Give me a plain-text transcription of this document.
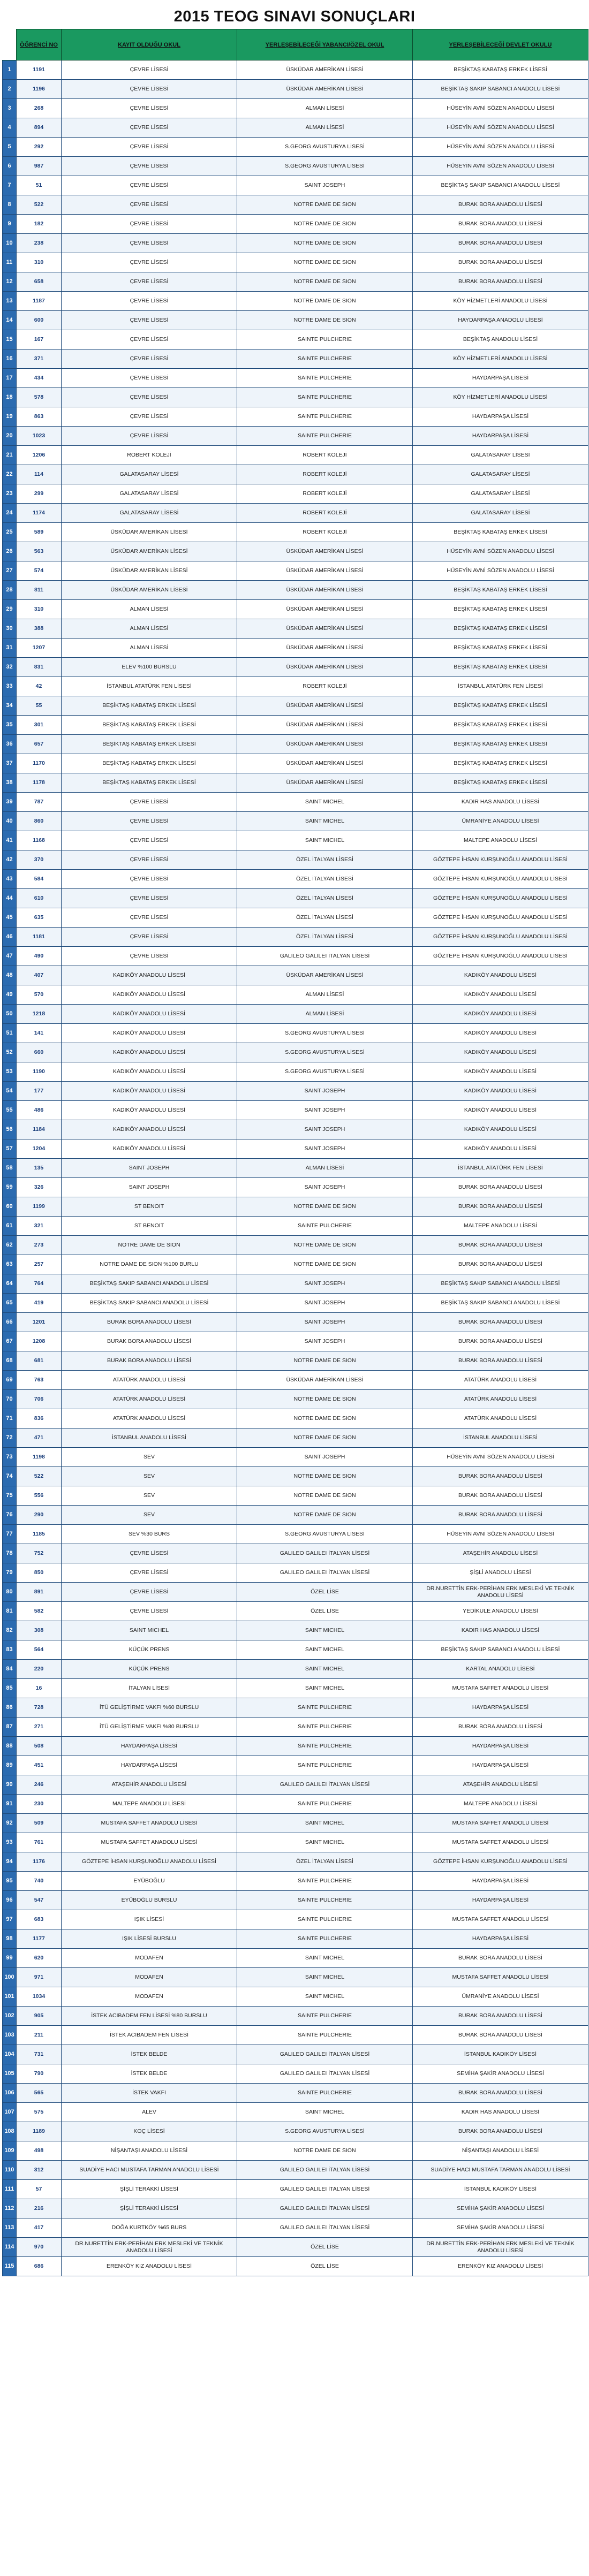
2015 TEOG SINAVI SONUÇLARI
	ÖĞRENCİ NO	KAYIT OLDUĞU OKUL	YERLEŞEBİLECEĞİ YABANCI/ÖZEL OKUL	YERLEŞEBİLECEĞİ DEVLET OKULU
1	1191	ÇEVRE LİSESİ	ÜSKÜDAR AMERİKAN LİSESİ	BEŞİKTAŞ KABATAŞ ERKEK LİSESİ
2	1196	ÇEVRE LİSESİ	ÜSKÜDAR AMERİKAN LİSESİ	BEŞİKTAŞ SAKIP SABANCI ANADOLU LİSESİ
3	268	ÇEVRE LİSESİ	ALMAN LİSESİ	HÜSEYİN AVNİ SÖZEN ANADOLU LİSESİ
4	894	ÇEVRE LİSESİ	ALMAN LİSESİ	HÜSEYİN AVNİ SÖZEN ANADOLU LİSESİ
5	292	ÇEVRE LİSESİ	S.GEORG AVUSTURYA LİSESİ	HÜSEYİN AVNİ SÖZEN ANADOLU LİSESİ
6	987	ÇEVRE LİSESİ	S.GEORG AVUSTURYA LİSESİ	HÜSEYİN AVNİ SÖZEN ANADOLU LİSESİ
7	51	ÇEVRE LİSESİ	SAINT JOSEPH	BEŞİKTAŞ SAKIP SABANCI ANADOLU LİSESİ
8	522	ÇEVRE LİSESİ	NOTRE DAME DE SION	BURAK BORA ANADOLU LİSESİ
9	182	ÇEVRE LİSESİ	NOTRE DAME DE SION	BURAK BORA ANADOLU LİSESİ
10	238	ÇEVRE LİSESİ	NOTRE DAME DE SION	BURAK BORA ANADOLU LİSESİ
11	310	ÇEVRE LİSESİ	NOTRE DAME DE SION	BURAK BORA ANADOLU LİSESİ
12	658	ÇEVRE LİSESİ	NOTRE DAME DE SION	BURAK BORA ANADOLU LİSESİ
13	1187	ÇEVRE LİSESİ	NOTRE DAME DE SION	KÖY HİZMETLERİ ANADOLU LİSESİ
14	600	ÇEVRE LİSESİ	NOTRE DAME DE SION	HAYDARPAŞA ANADOLU LİSESİ
15	167	ÇEVRE LİSESİ	SAINTE PULCHERIE	BEŞİKTAŞ ANADOLU LİSESİ
16	371	ÇEVRE LİSESİ	SAINTE PULCHERIE	KÖY HİZMETLERİ ANADOLU LİSESİ
17	434	ÇEVRE LİSESİ	SAINTE PULCHERIE	HAYDARPAŞA LİSESİ
18	578	ÇEVRE LİSESİ	SAINTE PULCHERIE	KÖY HİZMETLERİ ANADOLU LİSESİ
19	863	ÇEVRE LİSESİ	SAINTE PULCHERIE	HAYDARPAŞA LİSESİ
20	1023	ÇEVRE LİSESİ	SAINTE PULCHERIE	HAYDARPAŞA LİSESİ
21	1206	ROBERT KOLEJİ	ROBERT KOLEJİ	GALATASARAY LİSESİ
22	114	GALATASARAY LİSESİ	ROBERT KOLEJİ	GALATASARAY LİSESİ
23	299	GALATASARAY LİSESİ	ROBERT KOLEJİ	GALATASARAY LİSESİ
24	1174	GALATASARAY LİSESİ	ROBERT KOLEJİ	GALATASARAY LİSESİ
25	589	ÜSKÜDAR AMERİKAN LİSESİ	ROBERT KOLEJİ	BEŞİKTAŞ KABATAŞ ERKEK LİSESİ
26	563	ÜSKÜDAR AMERİKAN LİSESİ	ÜSKÜDAR AMERİKAN LİSESİ	HÜSEYİN AVNİ SÖZEN ANADOLU LİSESİ
27	574	ÜSKÜDAR AMERİKAN LİSESİ	ÜSKÜDAR AMERİKAN LİSESİ	HÜSEYİN AVNİ SÖZEN ANADOLU LİSESİ
28	811	ÜSKÜDAR AMERİKAN LİSESİ	ÜSKÜDAR AMERİKAN LİSESİ	BEŞİKTAŞ KABATAŞ ERKEK LİSESİ
29	310	ALMAN LİSESİ	ÜSKÜDAR AMERİKAN LİSESİ	BEŞİKTAŞ KABATAŞ ERKEK LİSESİ
30	388	ALMAN LİSESİ	ÜSKÜDAR AMERİKAN LİSESİ	BEŞİKTAŞ KABATAŞ ERKEK LİSESİ
31	1207	ALMAN LİSESİ	ÜSKÜDAR AMERİKAN LİSESİ	BEŞİKTAŞ KABATAŞ ERKEK LİSESİ
32	831	ELEV %100 BURSLU	ÜSKÜDAR AMERİKAN LİSESİ	BEŞİKTAŞ KABATAŞ ERKEK LİSESİ
33	42	İSTANBUL ATATÜRK FEN LİSESİ	ROBERT KOLEJİ	İSTANBUL ATATÜRK FEN LİSESİ
34	55	BEŞİKTAŞ KABATAŞ ERKEK LİSESİ	ÜSKÜDAR AMERİKAN LİSESİ	BEŞİKTAŞ KABATAŞ ERKEK LİSESİ
35	301	BEŞİKTAŞ KABATAŞ ERKEK LİSESİ	ÜSKÜDAR AMERİKAN LİSESİ	BEŞİKTAŞ KABATAŞ ERKEK LİSESİ
36	657	BEŞİKTAŞ KABATAŞ ERKEK LİSESİ	ÜSKÜDAR AMERİKAN LİSESİ	BEŞİKTAŞ KABATAŞ ERKEK LİSESİ
37	1170	BEŞİKTAŞ KABATAŞ ERKEK LİSESİ	ÜSKÜDAR AMERİKAN LİSESİ	BEŞİKTAŞ KABATAŞ ERKEK LİSESİ
38	1178	BEŞİKTAŞ KABATAŞ ERKEK LİSESİ	ÜSKÜDAR AMERİKAN LİSESİ	BEŞİKTAŞ KABATAŞ ERKEK LİSESİ
39	787	ÇEVRE LİSESİ	SAINT MICHEL	KADIR HAS ANADOLU LİSESİ
40	860	ÇEVRE LİSESİ	SAINT MICHEL	ÜMRANİYE ANADOLU LİSESİ
41	1168	ÇEVRE LİSESİ	SAINT MICHEL	MALTEPE ANADOLU LİSESİ
42	370	ÇEVRE LİSESİ	ÖZEL İTALYAN LİSESİ	GÖZTEPE İHSAN KURŞUNOĞLU ANADOLU LİSESİ
43	584	ÇEVRE LİSESİ	ÖZEL İTALYAN LİSESİ	GÖZTEPE İHSAN KURŞUNOĞLU ANADOLU LİSESİ
44	610	ÇEVRE LİSESİ	ÖZEL İTALYAN LİSESİ	GÖZTEPE İHSAN KURŞUNOĞLU ANADOLU LİSESİ
45	635	ÇEVRE LİSESİ	ÖZEL İTALYAN LİSESİ	GÖZTEPE İHSAN KURŞUNOĞLU ANADOLU LİSESİ
46	1181	ÇEVRE LİSESİ	ÖZEL İTALYAN LİSESİ	GÖZTEPE İHSAN KURŞUNOĞLU ANADOLU LİSESİ
47	490	ÇEVRE LİSESİ	GALILEO GALILEI İTALYAN LİSESİ	GÖZTEPE İHSAN KURŞUNOĞLU ANADOLU LİSESİ
48	407	KADIKÖY ANADOLU LİSESİ	ÜSKÜDAR AMERİKAN LİSESİ	KADIKÖY ANADOLU LİSESİ
49	570	KADIKÖY ANADOLU LİSESİ	ALMAN LİSESİ	KADIKÖY ANADOLU LİSESİ
50	1218	KADIKÖY ANADOLU LİSESİ	ALMAN LİSESİ	KADIKÖY ANADOLU LİSESİ
51	141	KADIKÖY ANADOLU LİSESİ	S.GEORG AVUSTURYA LİSESİ	KADIKÖY ANADOLU LİSESİ
52	660	KADIKÖY ANADOLU LİSESİ	S.GEORG AVUSTURYA LİSESİ	KADIKÖY ANADOLU LİSESİ
53	1190	KADIKÖY ANADOLU LİSESİ	S.GEORG AVUSTURYA LİSESİ	KADIKÖY ANADOLU LİSESİ
54	177	KADIKÖY ANADOLU LİSESİ	SAINT JOSEPH	KADIKÖY ANADOLU LİSESİ
55	486	KADIKÖY ANADOLU LİSESİ	SAINT JOSEPH	KADIKÖY ANADOLU LİSESİ
56	1184	KADIKÖY ANADOLU LİSESİ	SAINT JOSEPH	KADIKÖY ANADOLU LİSESİ
57	1204	KADIKÖY ANADOLU LİSESİ	SAINT JOSEPH	KADIKÖY ANADOLU LİSESİ
58	135	SAINT JOSEPH	ALMAN LİSESİ	İSTANBUL ATATÜRK FEN LİSESİ
59	326	SAINT JOSEPH	SAINT JOSEPH	BURAK BORA ANADOLU LİSESİ
60	1199	ST BENOIT	NOTRE DAME DE SION	BURAK BORA ANADOLU LİSESİ
61	321	ST BENOIT	SAINTE PULCHERIE	MALTEPE ANADOLU LİSESİ
62	273	NOTRE DAME DE SION	NOTRE DAME DE SION	BURAK BORA ANADOLU LİSESİ
63	257	NOTRE DAME DE SION %100 BURLU	NOTRE DAME DE SION	BURAK BORA ANADOLU LİSESİ
64	764	BEŞİKTAŞ SAKIP SABANCI ANADOLU LİSESİ	SAINT JOSEPH	BEŞİKTAŞ SAKIP SABANCI ANADOLU LİSESİ
65	419	BEŞİKTAŞ SAKIP SABANCI ANADOLU LİSESİ	SAINT JOSEPH	BEŞİKTAŞ SAKIP SABANCI ANADOLU LİSESİ
66	1201	BURAK BORA ANADOLU LİSESİ	SAINT JOSEPH	BURAK BORA ANADOLU LİSESİ
67	1208	BURAK BORA ANADOLU LİSESİ	SAINT JOSEPH	BURAK BORA ANADOLU LİSESİ
68	681	BURAK BORA ANADOLU LİSESİ	NOTRE DAME DE SION	BURAK BORA ANADOLU LİSESİ
69	763	ATATÜRK ANADOLU LİSESİ	ÜSKÜDAR AMERİKAN LİSESİ	ATATÜRK ANADOLU LİSESİ
70	706	ATATÜRK ANADOLU LİSESİ	NOTRE DAME DE SION	ATATÜRK ANADOLU LİSESİ
71	836	ATATÜRK ANADOLU LİSESİ	NOTRE DAME DE SION	ATATÜRK ANADOLU LİSESİ
72	471	İSTANBUL ANADOLU LİSESİ	NOTRE DAME DE SION	İSTANBUL ANADOLU LİSESİ
73	1198	SEV	SAINT JOSEPH	HÜSEYİN AVNİ SÖZEN ANADOLU LİSESİ
74	522	SEV	NOTRE DAME DE SION	BURAK BORA ANADOLU LİSESİ
75	556	SEV	NOTRE DAME DE SION	BURAK BORA ANADOLU LİSESİ
76	290	SEV	NOTRE DAME DE SION	BURAK BORA ANADOLU LİSESİ
77	1185	SEV %30 BURS	S.GEORG AVUSTURYA LİSESİ	HÜSEYİN AVNİ SÖZEN ANADOLU LİSESİ
78	752	ÇEVRE LİSESİ	GALILEO GALILEI İTALYAN LİSESİ	ATAŞEHİR ANADOLU LİSESİ
79	850	ÇEVRE LİSESİ	GALILEO GALILEI İTALYAN LİSESİ	ŞİŞLİ ANADOLU LİSESİ
80	891	ÇEVRE LİSESİ	ÖZEL LİSE	DR.NURETTİN ERK-PERİHAN ERK MESLEKİ VE TEKNİK ANADOLU LİSESİ
81	582	ÇEVRE LİSESİ	ÖZEL LİSE	YEDİKULE ANADOLU LİSESİ
82	308	SAINT MICHEL	SAINT MICHEL	KADIR HAS ANADOLU LİSESİ
83	564	KÜÇÜK PRENS	SAINT MICHEL	BEŞİKTAŞ SAKIP SABANCI ANADOLU LİSESİ
84	220	KÜÇÜK PRENS	SAINT MICHEL	KARTAL ANADOLU LİSESİ
85	16	İTALYAN LİSESİ	SAINT MICHEL	MUSTAFA SAFFET ANADOLU LİSESİ
86	728	İTÜ GELİŞTİRME VAKFI %60 BURSLU	SAINTE PULCHERIE	HAYDARPAŞA LİSESİ
87	271	İTÜ GELİŞTİRME VAKFI %80 BURSLU	SAINTE PULCHERIE	BURAK BORA ANADOLU LİSESİ
88	508	HAYDARPAŞA LİSESİ	SAINTE PULCHERIE	HAYDARPAŞA LİSESİ
89	451	HAYDARPAŞA LİSESİ	SAINTE PULCHERIE	HAYDARPAŞA LİSESİ
90	246	ATAŞEHİR ANADOLU LİSESİ	GALILEO GALILEI İTALYAN LİSESİ	ATAŞEHİR ANADOLU LİSESİ
91	230	MALTEPE ANADOLU LİSESİ	SAINTE PULCHERIE	MALTEPE ANADOLU LİSESİ
92	509	MUSTAFA SAFFET ANADOLU LİSESİ	SAINT MICHEL	MUSTAFA SAFFET ANADOLU LİSESİ
93	761	MUSTAFA SAFFET ANADOLU LİSESİ	SAINT MICHEL	MUSTAFA SAFFET ANADOLU LİSESİ
94	1176	GÖZTEPE İHSAN KURŞUNOĞLU ANADOLU LİSESİ	ÖZEL İTALYAN LİSESİ	GÖZTEPE İHSAN KURŞUNOĞLU ANADOLU LİSESİ
95	740	EYÜBOĞLU	SAINTE PULCHERIE	HAYDARPAŞA LİSESİ
96	547	EYÜBOĞLU BURSLU	SAINTE PULCHERIE	HAYDARPAŞA LİSESİ
97	683	IŞIK LİSESİ	SAINTE PULCHERIE	MUSTAFA SAFFET ANADOLU LİSESİ
98	1177	IŞIK LİSESİ BURSLU	SAINTE PULCHERIE	HAYDARPAŞA LİSESİ
99	620	MODAFEN	SAINT MICHEL	BURAK BORA ANADOLU LİSESİ
100	971	MODAFEN	SAINT MICHEL	MUSTAFA SAFFET ANADOLU LİSESİ
101	1034	MODAFEN	SAINT MICHEL	ÜMRANİYE ANADOLU LİSESİ
102	905	İSTEK ACIBADEM FEN LİSESİ %80 BURSLU	SAINTE PULCHERIE	BURAK BORA ANADOLU LİSESİ
103	211	İSTEK ACIBADEM FEN LİSESİ	SAINTE PULCHERIE	BURAK BORA ANADOLU LİSESİ
104	731	İSTEK BELDE	GALILEO GALILEI İTALYAN LİSESİ	İSTANBUL KADIKÖY LİSESİ
105	790	İSTEK BELDE	GALILEO GALILEI İTALYAN LİSESİ	SEMİHA ŞAKİR ANADOLU LİSESİ
106	565	İSTEK VAKFI	SAINTE PULCHERIE	BURAK BORA ANADOLU LİSESİ
107	575	ALEV	SAINT MICHEL	KADIR HAS ANADOLU LİSESİ
108	1189	KOÇ LİSESİ	S.GEORG AVUSTURYA LİSESİ	BURAK BORA ANADOLU LİSESİ
109	498	NİŞANTAŞI ANADOLU LİSESİ	NOTRE DAME DE SION	NİŞANTAŞI ANADOLU LİSESİ
110	312	SUADİYE HACI MUSTAFA TARMAN ANADOLU LİSESİ	GALILEO GALILEI İTALYAN LİSESİ	SUADİYE HACI MUSTAFA TARMAN ANADOLU LİSESİ
111	57	ŞİŞLİ TERAKKİ LİSESİ	GALILEO GALILEI İTALYAN LİSESİ	İSTANBUL KADIKÖY LİSESİ
112	216	ŞİŞLİ TERAKKİ LİSESİ	GALILEO GALILEI İTALYAN LİSESİ	SEMİHA ŞAKİR ANADOLU LİSESİ
113	417	DOĞA KURTKÖY %65 BURS	GALILEO GALILEI İTALYAN LİSESİ	SEMİHA ŞAKİR ANADOLU LİSESİ
114	970	DR.NURETTİN ERK-PERİHAN ERK MESLEKİ VE TEKNİK ANADOLU LİSESİ	ÖZEL LİSE	DR.NURETTİN ERK-PERİHAN ERK MESLEKİ VE TEKNİK ANADOLU LİSESİ
115	686	ERENKÖY KIZ ANADOLU LİSESİ	ÖZEL LİSE	ERENKÖY KIZ ANADOLU LİSESİ
